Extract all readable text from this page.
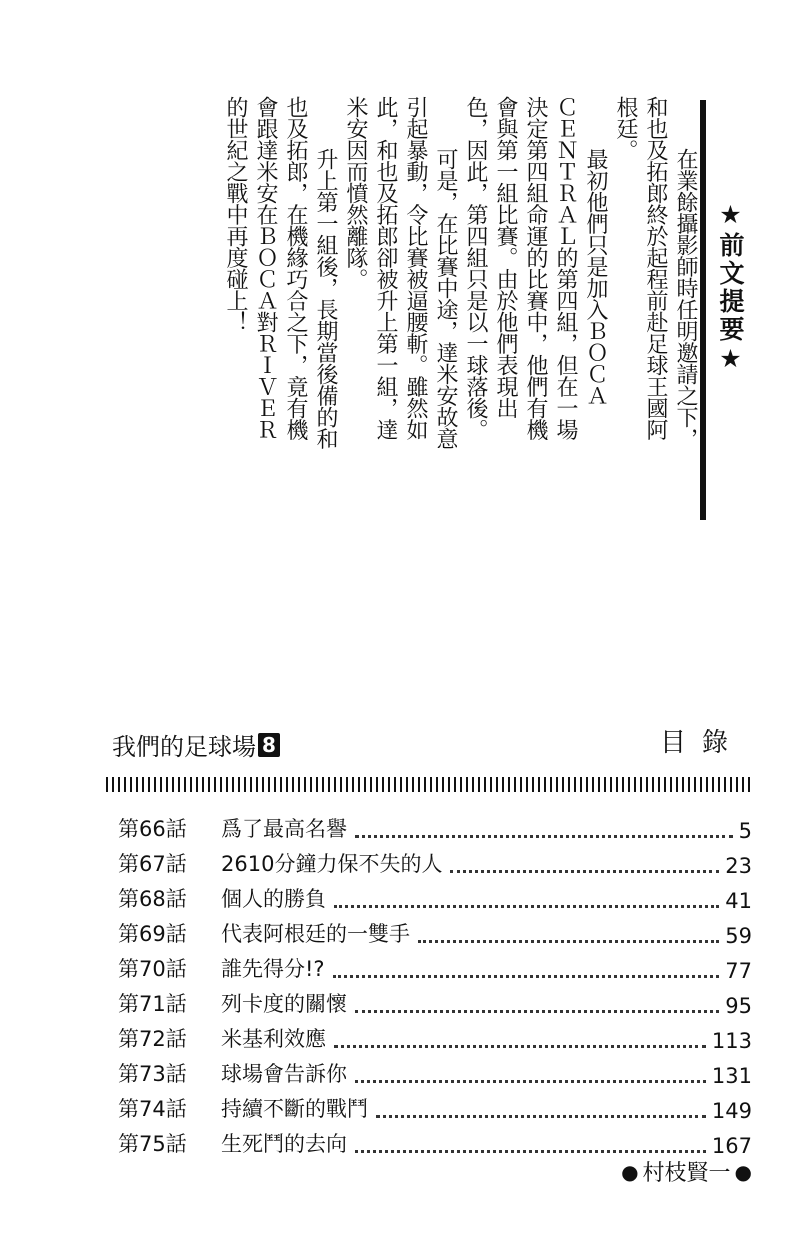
★前文提要★
在業餘攝影師時任明邀請之下，
和也及拓郎終於起程前赴足球王國阿
根廷。
最初他們只是加入ＢＯＣＡ
ＣＥＮＴＲＡＬ的第四組，但在一場
決定第四組命運的比賽中，他們有機
會與第一組比賽。由於他們表現出
色，因此，第四組只是以一球落後。
可是，在比賽中途，達米安故意
引起暴動，令比賽被逼腰斬。雖然如
此，和也及拓郎卻被升上第一組，達
米安因而憤然離隊。
升上第一組後，長期當後備的和
也及拓郎，在機緣巧合之下，竟有機
會跟達米安在ＢＯＣＡ對ＲＩＶＥＲ
的世紀之戰中再度碰上！
我們的足球場 8	目錄
第66話	爲了最高名譽	5
第67話	2610分鐘力保不失的人	23
第68話	個人的勝負	41
第69話	代表阿根廷的一雙手	59
第70話	誰先得分!?	77
第71話	列卡度的關懷	95
第72話	米基利效應	113
第73話	球場會告訴你	131
第74話	持續不斷的戰鬥	149
第75話	生死鬥的去向	167
● 村枝賢一 ●
